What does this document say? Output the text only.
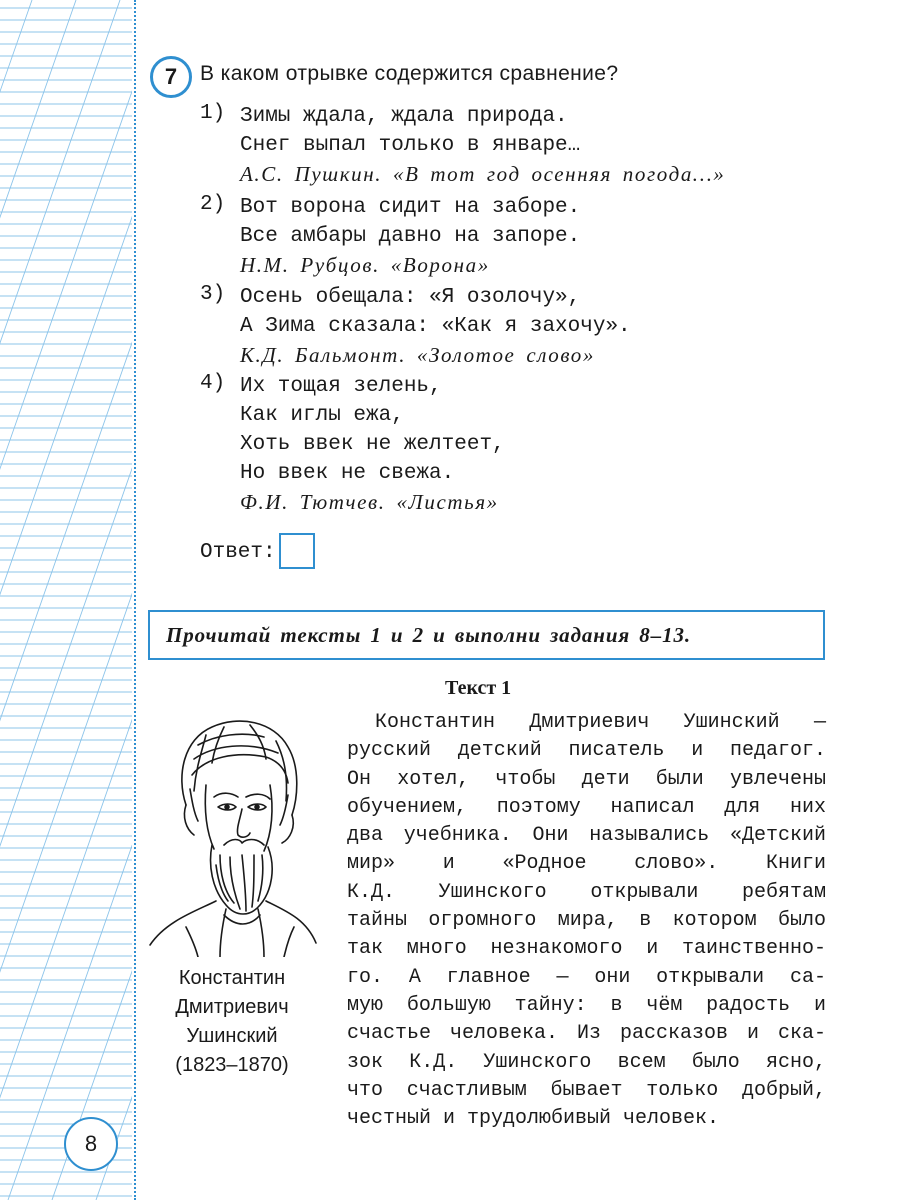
7	В каком отрывке содержится сравнение?
1) Зимы ждала, ждала природа.
Снег выпал только в январе…
А.С. Пушкин. «В тот год осенняя погода…»
2) Вот ворона сидит на заборе.
Все амбары давно на запоре.
Н.М. Рубцов. «Ворона»
3) Осень обещала: «Я озолочу»,
А Зима сказала: «Как я захочу».
К.Д. Бальмонт. «Золотое слово»
4) Их тощая зелень,
Как иглы ежа,
Хоть ввек не желтеет,
Но ввек не свежа.
Ф.И. Тютчев. «Листья»
Ответ:
Прочитай тексты 1 и 2 и выполни задания 8–13.
Текст 1
Константин
Дмитриевич
Ушинский
(1823–1870)
Константин Дмитриевич Ушинский —
русский детский писатель и педагог.
Он хотел, чтобы дети были увлечены
обучением, поэтому написал для них
два учебника. Они назывались «Детский
мир» и «Родное слово». Книги
К.Д. Ушинского открывали ребятам
тайны огромного мира, в котором было
так много незнакомого и таинственно-
го. А главное — они открывали са-
мую большую тайну: в чём радость и
счастье человека. Из рассказов и ска-
зок К.Д. Ушинского всем было ясно,
что счастливым бывает только добрый,
честный и трудолюбивый человек.
8
